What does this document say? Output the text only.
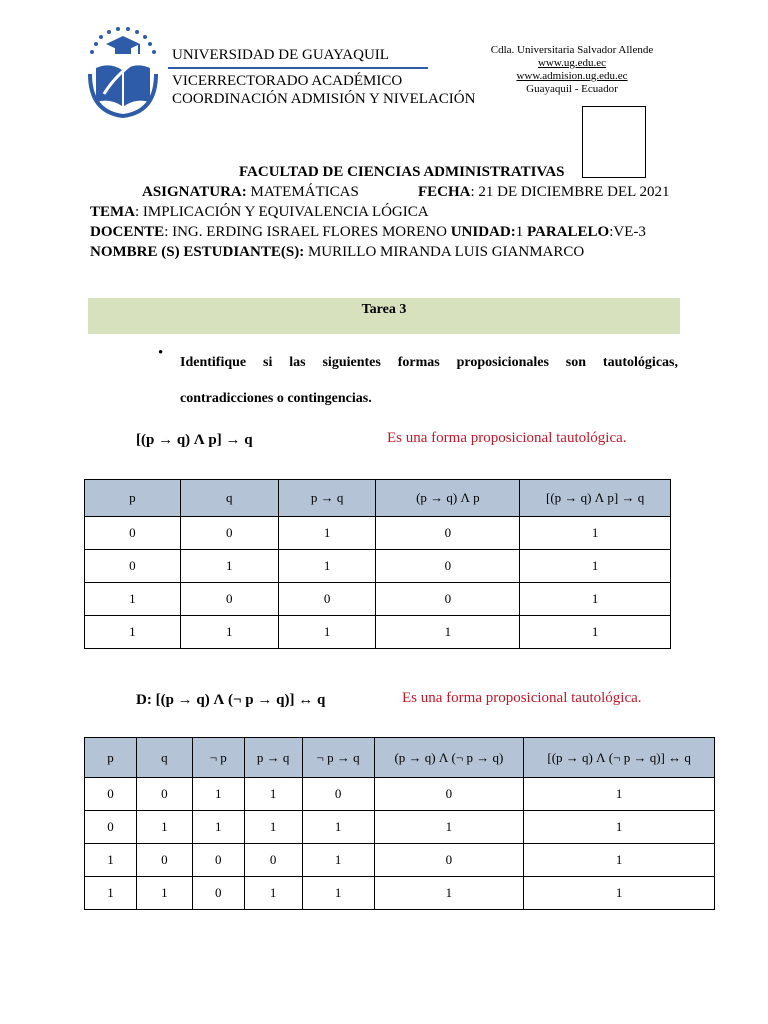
UNIVERSIDAD DE GUAYAQUIL
VICERRECTORADO ACADÉMICO
COORDINACIÓN ADMISIÓN Y NIVELACIÓN
Cdla. Universitaria Salvador Allende
www.ug.edu.ec
www.admision.ug.edu.ec
Guayaquil - Ecuador
FACULTAD DE CIENCIAS ADMINISTRATIVAS
ASIGNATURA: MATEMÁTICAS	FECHA: 21 DE DICIEMBRE DEL 2021
TEMA: IMPLICACIÓN Y EQUIVALENCIA LÓGICA
DOCENTE: ING. ERDING ISRAEL FLORES MORENO UNIDAD:1 PARALELO:VE-3
NOMBRE (S) ESTUDIANTE(S): MURILLO MIRANDA LUIS GIANMARCO
Tarea 3
•
Identifique si las siguientes formas proposicionales son tautológicas, contradicciones o contingencias.
[(p → q) Ʌ p] → q	Es una forma proposicional tautológica.
p	q	p → q	(p → q) Ʌ p	[(p → q) Ʌ p] → q
0	0	1	0	1
0	1	1	0	1
1	0	0	0	1
1	1	1	1	1
D: [(p → q) Ʌ (¬ p → q)] ↔ q	Es una forma proposicional tautológica.
p	q	¬ p	p → q	¬ p → q	(p → q) Ʌ (¬ p → q)	[(p → q) Ʌ (¬ p → q)] ↔ q
0	0	1	1	0	0	1
0	1	1	1	1	1	1
1	0	0	0	1	0	1
1	1	0	1	1	1	1
